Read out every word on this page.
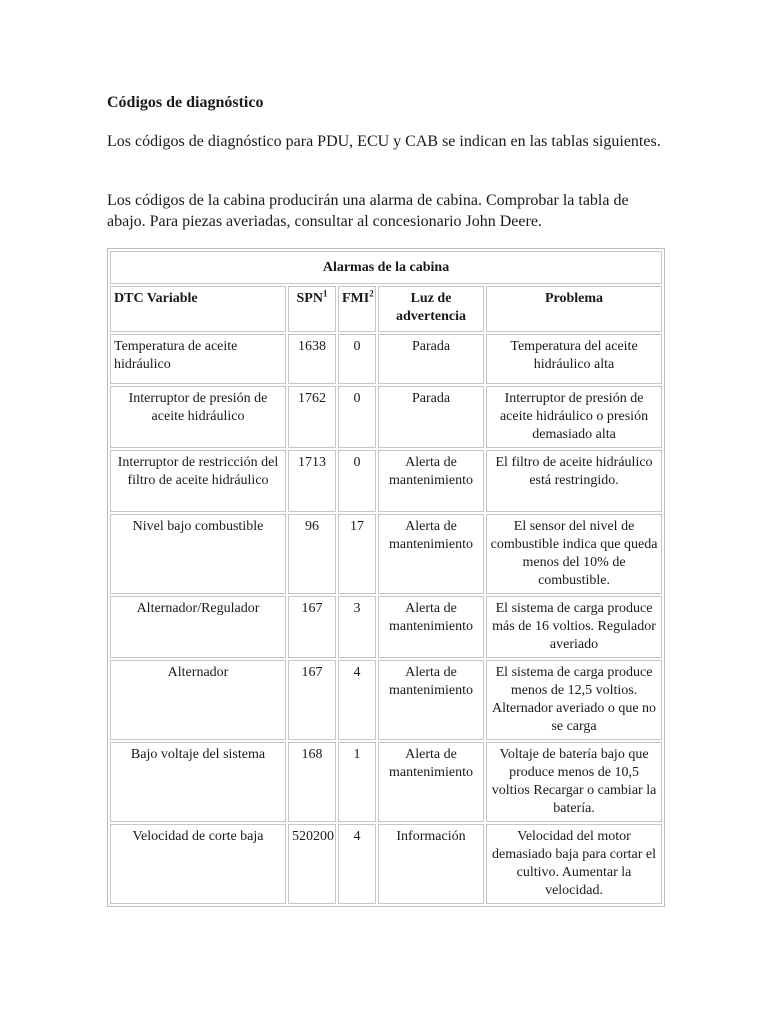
Códigos de diagnóstico

Los códigos de diagnóstico para PDU, ECU y CAB se indican en las tablas siguientes.

Los códigos de la cabina producirán una alarma de cabina. Comprobar la tabla de abajo. Para piezas averiadas, consultar al concesionario John Deere.

Alarmas de la cabina				
DTC Variable	SPN$^1$	FMI$^2$	Luz de advertencia	Problema
Temperatura de aceite hidráulico	1638	0	Parada	Temperatura del aceite hidráulico alta
Interruptor de presión de aceite hidráulico	1762	0	Parada	Interruptor de presión de aceite hidráulico o presión demasiado alta
Interruptor de restricción del filtro de aceite hidráulico	1713	0	Alerta de mantenimiento	El filtro de aceite hidráulico está restringido.
Nivel bajo combustible	96	17	Alerta de mantenimiento	El sensor del nivel de combustible indica que queda menos del 10% de combustible.
Alternador/Regulador	167	3	Alerta de mantenimiento	El sistema de carga produce más de 16 voltios. Regulador averiado
Alternador	167	4	Alerta de mantenimiento	El sistema de carga produce menos de 12,5 voltios. Alternador averiado o que no se carga
Bajo voltaje del sistema	168	1	Alerta de mantenimiento	Voltaje de batería bajo que produce menos de 10,5 voltios Recargar o cambiar la batería.
Velocidad de corte baja	520200	4	Información	Velocidad del motor demasiado baja para cortar el cultivo. Aumentar la velocidad.
